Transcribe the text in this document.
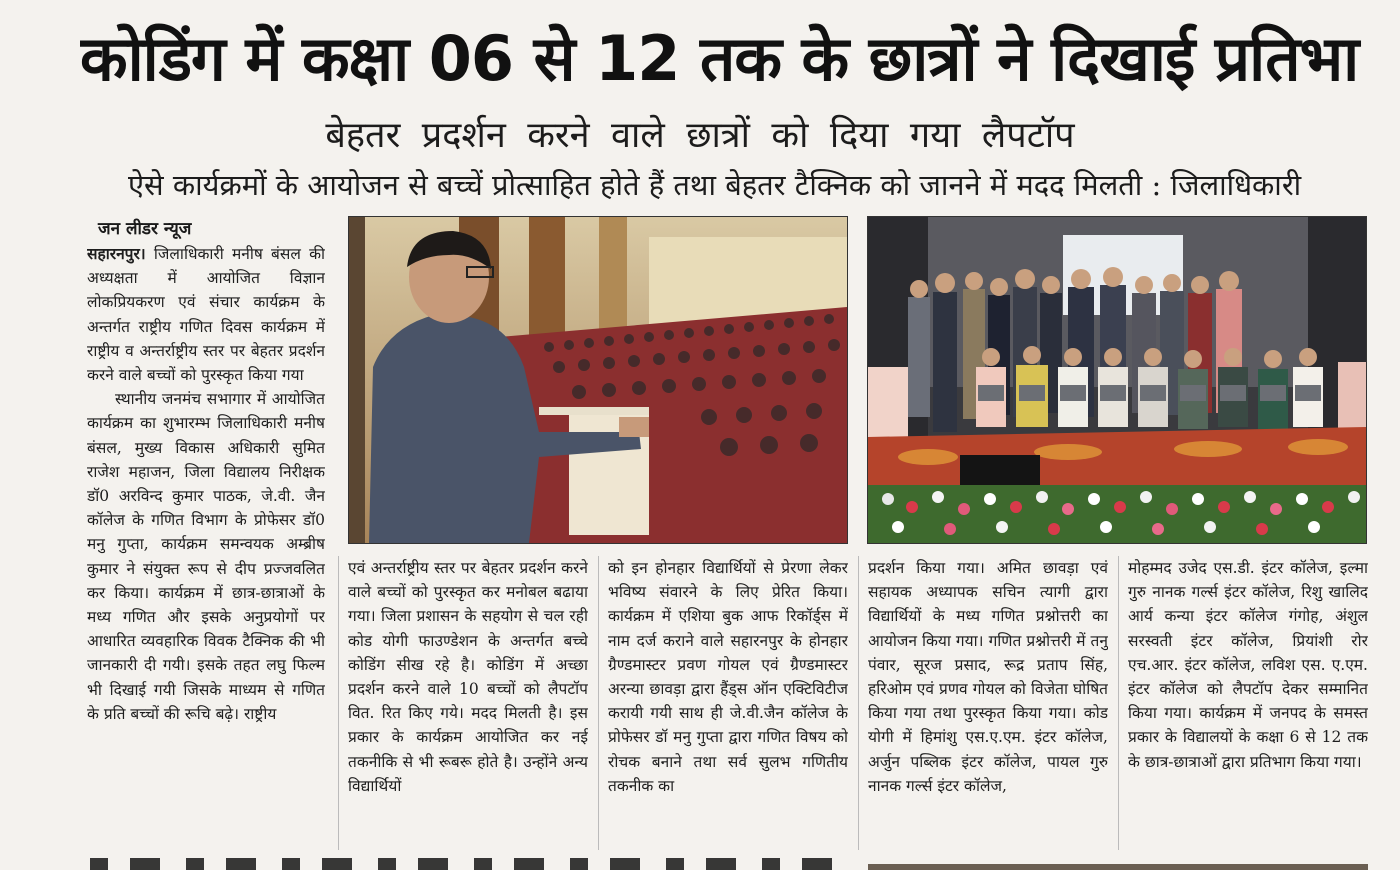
कोडिंग में कक्षा 06 से 12 तक के छात्रों ने दिखाई प्रतिभा
बेहतर प्रदर्शन करने वाले छात्रों को दिया गया लैपटॉप
ऐसे कार्यक्रमों के आयोजन से बच्चें प्रोत्साहित होते हैं तथा बेहतर टैक्निक को जानने में मदद मिलती : जिलाधिकारी
जन लीडर न्यूज

सहारनपुर। जिलाधिकारी मनीष बंसल की अध्यक्षता में आयोजित विज्ञान लोकप्रियकरण एवं संचार कार्यक्रम के अन्तर्गत राष्ट्रीय गणित दिवस कार्यक्रम में राष्ट्रीय व अन्तर्राष्ट्रीय स्तर पर बेहतर प्रदर्शन करने वाले बच्चों को पुरस्कृत किया गया

स्थानीय जनमंच सभागार में आयोजित कार्यक्रम का शुभारम्भ जिलाधिकारी मनीष बंसल, मुख्य विकास अधिकारी सुमित राजेश महाजन, जिला विद्यालय निरीक्षक डॉ0 अरविन्द कुमार पाठक, जे.वी. जैन कॉलेज के गणित विभाग के प्रोफेसर डॉ0 मनु गुप्ता, कार्यक्रम समन्वयक अम्ब्रीष कुमार ने संयुक्त रूप से दीप प्रज्जवलित कर किया। कार्यक्रम में छात्र-छात्राओं के मध्य गणित और इसके अनुप्रयोगों पर आधारित व्यवहारिक विवक टैक्निक की भी जानकारी दी गयी। इसके तहत लघु फिल्म भी दिखाई गयी जिसके माध्यम से गणित के प्रति बच्चों की रूचि बढ़े। राष्ट्रीय

एवं अन्तर्राष्ट्रीय स्तर पर बेहतर प्रदर्शन करने वाले बच्चों को पुरस्कृत कर मनोबल बढाया गया। जिला प्रशासन के सहयोग से चल रही कोड योगी फाउण्डेशन के अन्तर्गत बच्चे कोडिंग सीख रहे है। कोडिंग में अच्छा प्रदर्शन करने वाले 10 बच्चों को लैपटॉप वित. रित किए गये। मदद मिलती है। इस प्रकार के कार्यक्रम आयोजित कर नई तकनीकि से भी रूबरू होते है। उन्होंने अन्य विद्यार्थियों

को इन होनहार विद्यार्थियों से प्रेरणा लेकर भविष्य संवारने के लिए प्रेरित किया। कार्यक्रम में एशिया बुक आफ रिकॉर्ड्स में नाम दर्ज कराने वाले सहारनपुर के होनहार ग्रैण्डमास्टर प्रवण गोयल एवं ग्रैण्डमास्टर अरन्या छावड़ा द्वारा हैंड्स ऑन एक्टिविटीज करायी गयी साथ ही जे.वी.जैन कॉलेज के प्रोफेसर डॉ मनु गुप्ता द्वारा गणित विषय को रोचक बनाने तथा सर्व सुलभ गणितीय तकनीक का

प्रदर्शन किया गया। अमित छावड़ा एवं सहायक अध्यापक सचिन त्यागी द्वारा विद्यार्थियों के मध्य गणित प्रश्नोत्तरी का आयोजन किया गया। गणित प्रश्नोत्तरी में तनु पंवार, सूरज प्रसाद, रूद्र प्रताप सिंह, हरिओम एवं प्रणव गोयल को विजेता घोषित किया गया तथा पुरस्कृत किया गया। कोड योगी में हिमांशु एस.ए.एम. इंटर कॉलेज, अर्जुन पब्लिक इंटर कॉलेज, पायल गुरु नानक गर्ल्स इंटर कॉलेज,

मोहम्मद उजेद एस.डी. इंटर कॉलेज, इल्मा गुरु नानक गर्ल्स इंटर कॉलेज, रिशु खालिद आर्य कन्या इंटर कॉलेज गंगोह, अंशुल सरस्वती इंटर कॉलेज, प्रियांशी रोर एच.आर. इंटर कॉलेज, लविश एस. ए.एम. इंटर कॉलेज को लैपटॉप देकर सम्मानित किया गया। कार्यक्रम में जनपद के समस्त प्रकार के विद्यालयों के कक्षा 6 से 12 तक के छात्र-छात्राओं द्वारा प्रतिभाग किया गया।
